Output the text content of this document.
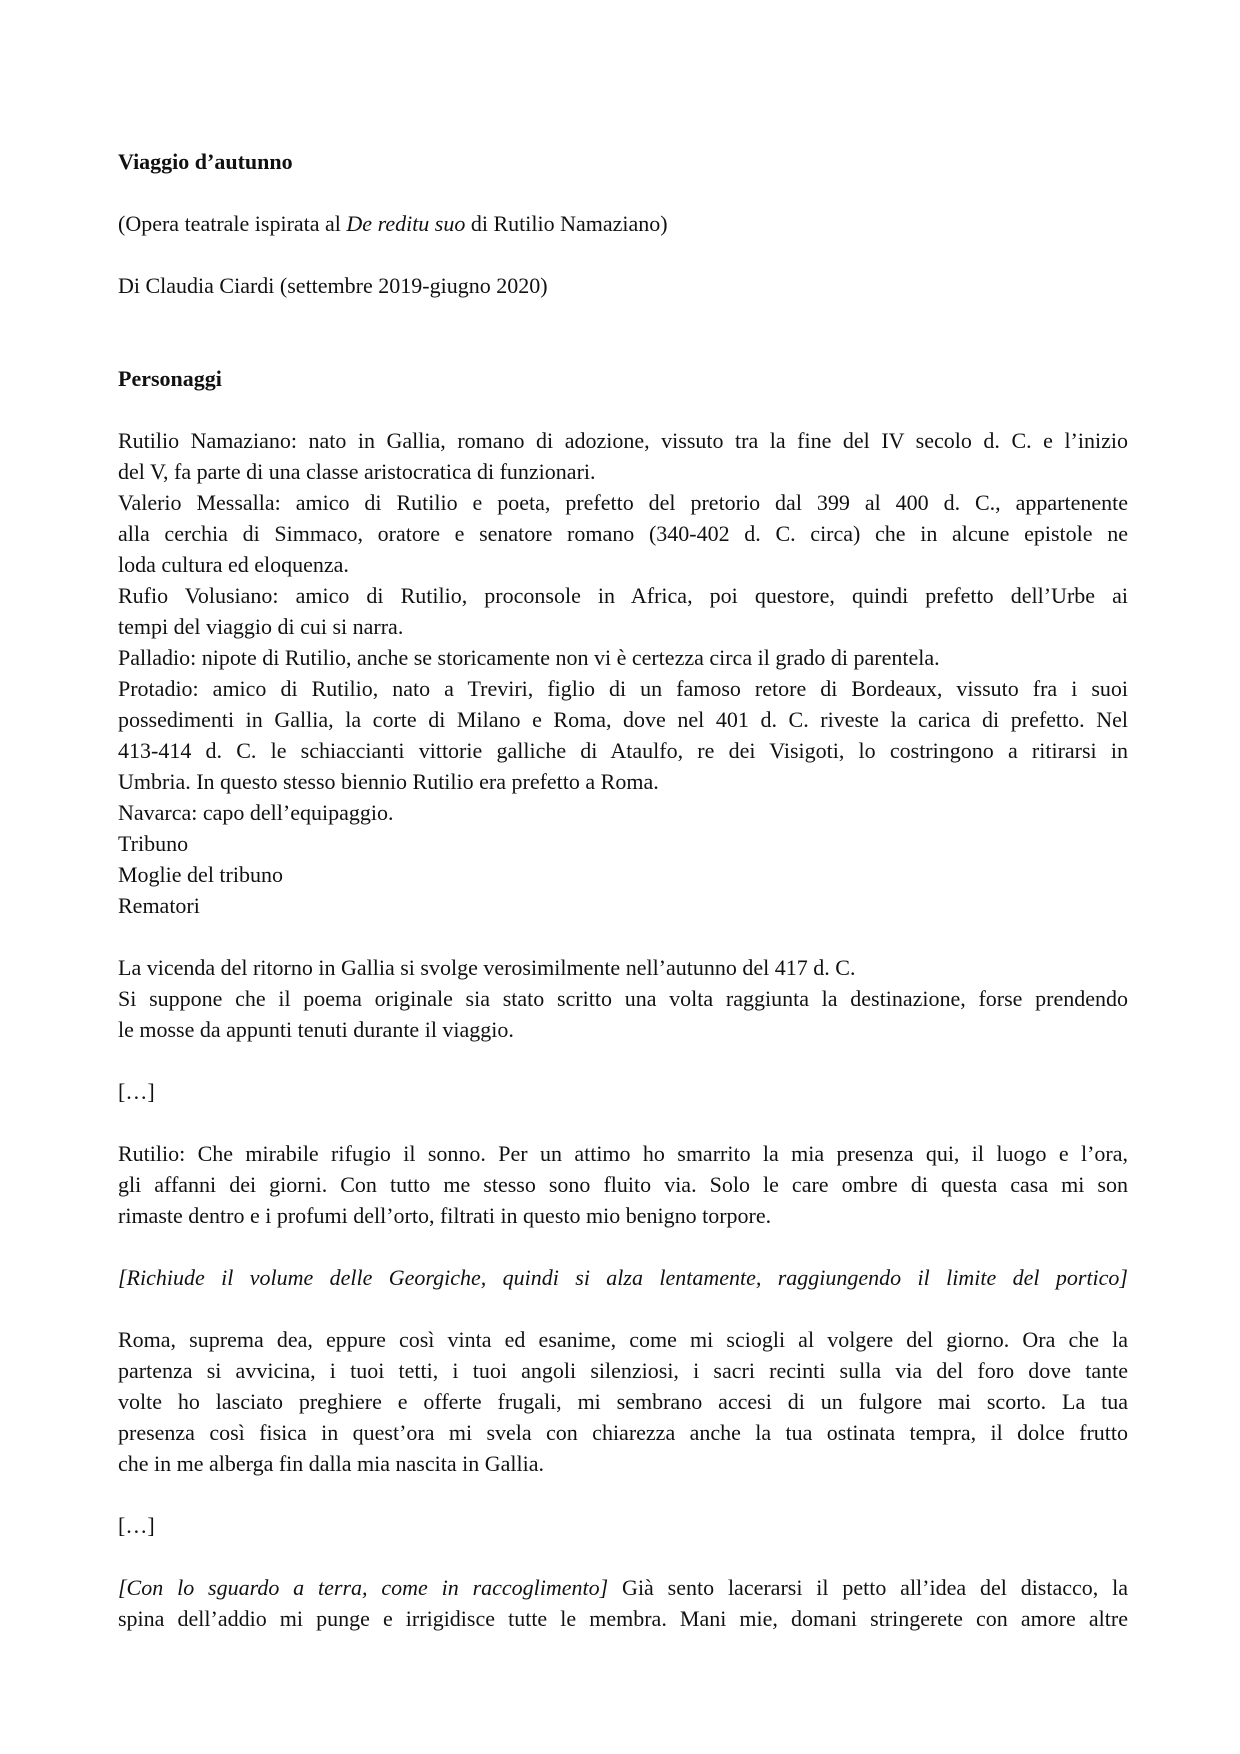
Viaggio d’autunno

(Opera teatrale ispirata al De reditu suo di Rutilio Namaziano)

Di Claudia Ciardi (settembre 2019-giugno 2020)

Personaggi

Rutilio Namaziano: nato in Gallia, romano di adozione, vissuto tra la fine del IV secolo d. C. e l’inizio
del V, fa parte di una classe aristocratica di funzionari.
Valerio Messalla: amico di Rutilio e poeta, prefetto del pretorio dal 399 al 400 d. C., appartenente
alla cerchia di Simmaco, oratore e senatore romano (340-402 d. C. circa) che in alcune epistole ne
loda cultura ed eloquenza.
Rufio Volusiano: amico di Rutilio, proconsole in Africa, poi questore, quindi prefetto dell’Urbe ai
tempi del viaggio di cui si narra.
Palladio: nipote di Rutilio, anche se storicamente non vi è certezza circa il grado di parentela.
Protadio: amico di Rutilio, nato a Treviri, figlio di un famoso retore di Bordeaux, vissuto fra i suoi
possedimenti in Gallia, la corte di Milano e Roma, dove nel 401 d. C. riveste la carica di prefetto. Nel
413-414 d. C. le schiaccianti vittorie galliche di Ataulfo, re dei Visigoti, lo costringono a ritirarsi in
Umbria. In questo stesso biennio Rutilio era prefetto a Roma.
Navarca: capo dell’equipaggio.
Tribuno
Moglie del tribuno
Rematori
La vicenda del ritorno in Gallia si svolge verosimilmente nell’autunno del 417 d. C.
Si suppone che il poema originale sia stato scritto una volta raggiunta la destinazione, forse prendendo
le mosse da appunti tenuti durante il viaggio.

[…]

Rutilio: Che mirabile rifugio il sonno. Per un attimo ho smarrito la mia presenza qui, il luogo e l’ora,
gli affanni dei giorni. Con tutto me stesso sono fluito via. Solo le care ombre di questa casa mi son
rimaste dentro e i profumi dell’orto, filtrati in questo mio benigno torpore.

[Richiude il volume delle Georgiche, quindi si alza lentamente, raggiungendo il limite del portico]

Roma, suprema dea, eppure così vinta ed esanime, come mi sciogli al volgere del giorno. Ora che la
partenza si avvicina, i tuoi tetti, i tuoi angoli silenziosi, i sacri recinti sulla via del foro dove tante
volte ho lasciato preghiere e offerte frugali, mi sembrano accesi di un fulgore mai scorto. La tua
presenza così fisica in quest’ora mi svela con chiarezza anche la tua ostinata tempra, il dolce frutto
che in me alberga fin dalla mia nascita in Gallia.

[…]

[Con lo sguardo a terra, come in raccoglimento] Già sento lacerarsi il petto all’idea del distacco, la
spina dell’addio mi punge e irrigidisce tutte le membra. Mani mie, domani stringerete con amore altre
